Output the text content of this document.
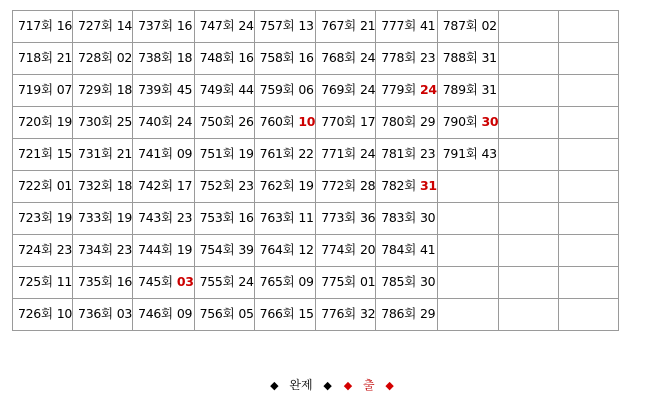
717회 16	727회 14	737회 16	747회 24	757회 13	767회 21	777회 41	787회 02		
718회 21	728회 02	738회 18	748회 16	758회 16	768회 24	778회 23	788회 31		
719회 07	729회 18	739회 45	749회 44	759회 06	769회 24	779회 24	789회 31		
720회 19	730회 25	740회 24	750회 26	760회 10	770회 17	780회 29	790회 30		
721회 15	731회 21	741회 09	751회 19	761회 22	771회 24	781회 23	791회 43		
722회 01	732회 18	742회 17	752회 23	762회 19	772회 28	782회 31			
723회 19	733회 19	743회 23	753회 16	763회 11	773회 36	783회 30			
724회 23	734회 23	744회 19	754회 39	764회 12	774회 20	784회 41			
725회 11	735회 16	745회 03	755회 24	765회 09	775회 01	785회 30			
726회 10	736회 03	746회 09	756회 05	766회 15	776회 32	786회 29			
◆ 완제 ◆ ◆ 출 ◆
